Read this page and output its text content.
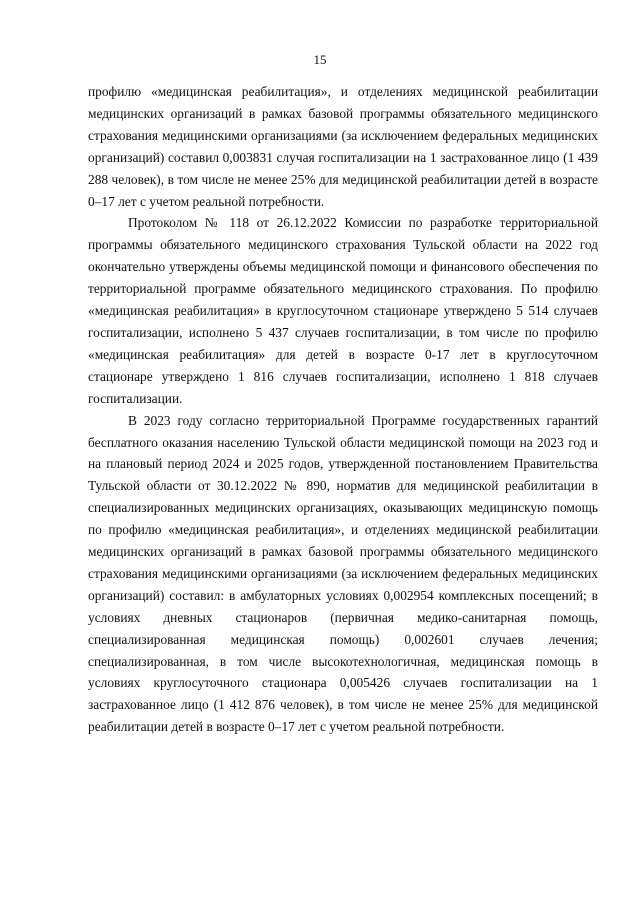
15

профилю «медицинская реабилитация», и отделениях медицинской реабилитации медицинских организаций в рамках базовой программы обязательного медицинского страхования медицинскими организациями (за исключением федеральных медицинских организаций) составил 0,003831 случая госпитализации на 1 застрахованное лицо (1 439 288 человек), в том числе не менее 25% для медицинской реабилитации детей в возрасте 0–17 лет с учетом реальной потребности.

Протоколом № 118 от 26.12.2022 Комиссии по разработке территориальной программы обязательного медицинского страхования Тульской области на 2022 год окончательно утверждены объемы медицинской помощи и финансового обеспечения по территориальной программе обязательного медицинского страхования. По профилю «медицинская реабилитация» в круглосуточном стационаре утверждено 5 514 случаев госпитализации, исполнено 5 437 случаев госпитализации, в том числе по профилю «медицинская реабилитация» для детей в возрасте 0-17 лет в круглосуточном стационаре утверждено 1 816 случаев госпитализации, исполнено 1 818 случаев госпитализации.

В 2023 году согласно территориальной Программе государственных гарантий бесплатного оказания населению Тульской области медицинской помощи на 2023 год и на плановый период 2024 и 2025 годов, утвержденной постановлением Правительства Тульской области от 30.12.2022 № 890, норматив для медицинской реабилитации в специализированных медицинских организациях, оказывающих медицинскую помощь по профилю «медицинская реабилитация», и отделениях медицинской реабилитации медицинских организаций в рамках базовой программы обязательного медицинского страхования медицинскими организациями (за исключением федеральных медицинских организаций) составил: в амбулаторных условиях 0,002954 комплексных посещений; в условиях дневных стационаров (первичная медико-санитарная помощь, специализированная медицинская помощь) 0,002601 случаев лечения; специализированная, в том числе высокотехнологичная, медицинская помощь в условиях круглосуточного стационара 0,005426 случаев госпитализации на 1 застрахованное лицо (1 412 876 человек), в том числе не менее 25% для медицинской реабилитации детей в возрасте 0–17 лет с учетом реальной потребности.
